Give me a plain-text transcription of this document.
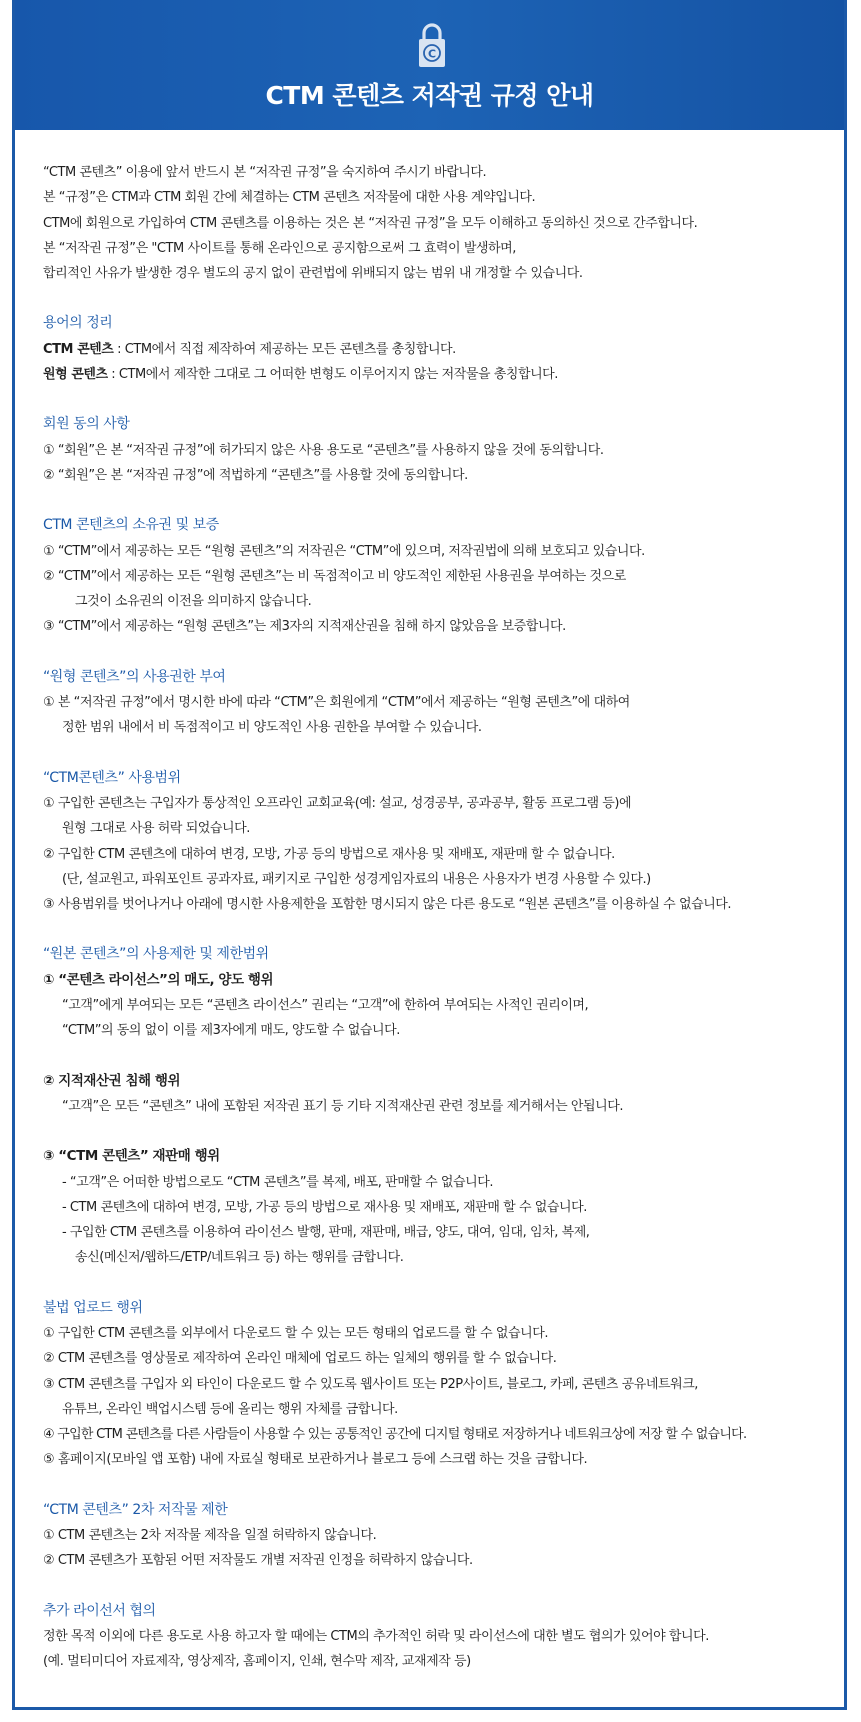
C
CTM 콘텐츠 저작권 규정 안내

“CTM 콘텐츠” 이용에 앞서 반드시 본 “저작권 규정”을 숙지하여 주시기 바랍니다.

본 “규정”은 CTM과 CTM 회원 간에 체결하는 CTM 콘텐츠 저작물에 대한 사용 계약입니다.

CTM에 회원으로 가입하여 CTM 콘텐츠를 이용하는 것은 본 “저작권 규정”을 모두 이해하고 동의하신 것으로 간주합니다.

본 “저작권 규정”은 "CTM 사이트를 통해 온라인으로 공지함으로써 그 효력이 발생하며,

합리적인 사유가 발생한 경우 별도의 공지 없이 관련법에 위배되지 않는 범위 내 개정할 수 있습니다.

용어의 정리

CTM 콘텐츠 : CTM에서 직접 제작하여 제공하는 모든 콘텐츠를 총칭합니다.

원형 콘텐츠 : CTM에서 제작한 그대로 그 어떠한 변형도 이루어지지 않는 저작물을 총칭합니다.

회원 동의 사항

① “회원”은 본 “저작권 규정”에 허가되지 않은 사용 용도로 “콘텐츠”를 사용하지 않을 것에 동의합니다.

② “회원”은 본 “저작권 규정”에 적법하게 “콘텐츠”를 사용할 것에 동의합니다.

CTM 콘텐츠의 소유권 및 보증

① “CTM”에서 제공하는 모든 “원형 콘텐츠”의 저작권은 “CTM”에 있으며, 저작권법에 의해 보호되고 있습니다.

② “CTM”에서 제공하는 모든 “원형 콘텐츠”는 비 독점적이고 비 양도적인 제한된 사용권을 부여하는 것으로

그것이 소유권의 이전을 의미하지 않습니다.

③ “CTM”에서 제공하는 “원형 콘텐츠”는 제3자의 지적재산권을 침해 하지 않았음을 보증합니다.

“원형 콘텐츠”의 사용권한 부여

① 본 “저작권 규정”에서 명시한 바에 따라 “CTM”은 회원에게 “CTM”에서 제공하는 “원형 콘텐츠”에 대하여

정한 범위 내에서 비 독점적이고 비 양도적인 사용 권한을 부여할 수 있습니다.

“CTM콘텐츠” 사용범위

① 구입한 콘텐츠는 구입자가 통상적인 오프라인 교회교육(예: 설교, 성경공부, 공과공부, 활동 프로그램 등)에

원형 그대로 사용 허락 되었습니다.

② 구입한 CTM 콘텐츠에 대하여 변경, 모방, 가공 등의 방법으로 재사용 및 재배포, 재판매 할 수 없습니다.

(단, 설교원고, 파워포인트 공과자료, 패키지로 구입한 성경게임자료의 내용은 사용자가 변경 사용할 수 있다.)

③ 사용범위를 벗어나거나 아래에 명시한 사용제한을 포함한 명시되지 않은 다른 용도로 “원본 콘텐츠”를 이용하실 수 없습니다.

“원본 콘텐츠”의 사용제한 및 제한범위

① “콘텐츠 라이선스”의 매도, 양도 행위

“고객”에게 부여되는 모든 “콘텐츠 라이선스” 권리는 “고객”에 한하여 부여되는 사적인 권리이며,

“CTM”의 동의 없이 이를 제3자에게 매도, 양도할 수 없습니다.

② 지적재산권 침해 행위

“고객”은 모든 “콘텐츠” 내에 포함된 저작권 표기 등 기타 지적재산권 관련 정보를 제거해서는 안됩니다.

③ “CTM 콘텐츠” 재판매 행위

- “고객”은 어떠한 방법으로도 “CTM 콘텐츠”를 복제, 배포, 판매할 수 없습니다.

- CTM 콘텐츠에 대하여 변경, 모방, 가공 등의 방법으로 재사용 및 재배포, 재판매 할 수 없습니다.

- 구입한 CTM 콘텐츠를 이용하여 라이선스 발행, 판매, 재판매, 배급, 양도, 대여, 임대, 임차, 복제,

송신(메신저/웹하드/ETP/네트워크 등) 하는 행위를 금합니다.

불법 업로드 행위

① 구입한 CTM 콘텐츠를 외부에서 다운로드 할 수 있는 모든 형태의 업로드를 할 수 없습니다.

② CTM 콘텐츠를 영상물로 제작하여 온라인 매체에 업로드 하는 일체의 행위를 할 수 없습니다.

③ CTM 콘텐츠를 구입자 외 타인이 다운로드 할 수 있도록 웹사이트 또는 P2P사이트, 블로그, 카페, 콘텐츠 공유네트워크,

유튜브, 온라인 백업시스템 등에 올리는 행위 자체를 금합니다.

④ 구입한 CTM 콘텐츠를 다른 사람들이 사용할 수 있는 공통적인 공간에 디지털 형태로 저장하거나 네트워크상에 저장 할 수 없습니다.

⑤ 홈페이지(모바일 앱 포함) 내에 자료실 형태로 보관하거나 블로그 등에 스크랩 하는 것을 금합니다.

“CTM 콘텐츠” 2차 저작물 제한

① CTM 콘텐츠는 2차 저작물 제작을 일절 허락하지 않습니다.

② CTM 콘텐츠가 포함된 어떤 저작물도 개별 저작권 인정을 허락하지 않습니다.

추가 라이선서 협의

정한 목적 이외에 다른 용도로 사용 하고자 할 때에는 CTM의 추가적인 허락 및 라이선스에 대한 별도 협의가 있어야 합니다.

(예. 멀티미디어 자료제작, 영상제작, 홈페이지, 인쇄, 현수막 제작, 교재제작 등)
